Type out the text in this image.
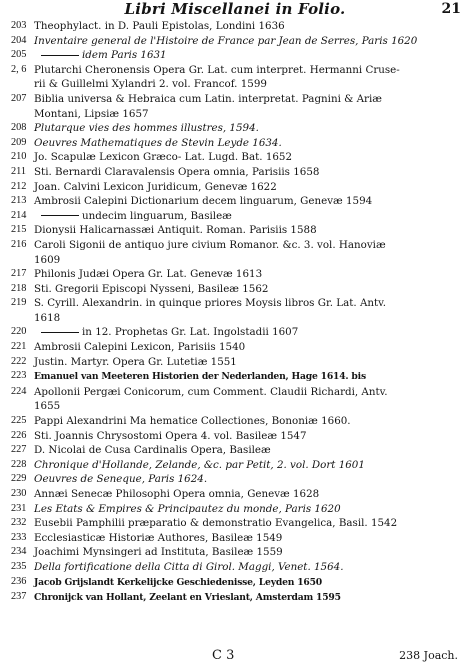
Libri Miscellanei in Folio.	21
203 Theophylact. in D. Pauli Epistolas, Londini 1636
204 Inventaire general de l'Histoire de France par Jean de Serres, Paris 1620
205	idem Paris 1631
2, 6 Plutarchi Cheronensis Opera Gr. Lat. cum interpret. Hermanni Cruse-
rii & Guillelmi Xylandri 2. vol. Francof. 1599
207 Biblia universa & Hebraica cum Latin. interpretat. Pagnini & Ariæ
Montani, Lipsiæ 1657
208 Plutarque vies des hommes illustres, 1594.
209 Oeuvres Mathematiques de Stevin Leyde 1634.
210 Jo. Scapulæ Lexicon Græco- Lat. Lugd. Bat. 1652
211 Sti. Bernardi Claravalensis Opera omnia, Parisiis 1658
212 Joan. Calvini Lexicon Juridicum, Genevæ 1622
213 Ambrosii Calepini Dictionarium decem linguarum, Genevæ 1594
214	undecim linguarum, Basileæ
215 Dionysii Halicarnassæi Antiquit. Roman. Parisiis 1588
216 Caroli Sigonii de antiquo jure civium Romanor. &c. 3. vol. Hanoviæ
1609
217 Philonis Judæi Opera Gr. Lat. Genevæ 1613
218 Sti. Gregorii Episcopi Nysseni, Basileæ 1562
219 S. Cyrill. Alexandrin. in quinque priores Moysis libros Gr. Lat. Antv.
1618
220	in 12. Prophetas Gr. Lat. Ingolstadii 1607
221 Ambrosii Calepini Lexicon, Parisiis 1540
222 Justin. Martyr. Opera Gr. Lutetiæ 1551
223 Emanuel van Meeteren Historien der Nederlanden, Hage 1614. bis
224 Apollonii Pergæi Conicorum, cum Comment. Claudii Richardi, Antv.
1655
225 Pappi Alexandrini Ma hematice Collectiones, Bononiæ 1660.
226 Sti. Joannis Chrysostomi Opera 4. vol. Basileæ 1547
227 D. Nicolai de Cusa Cardinalis Opera, Basileæ
228 Chronique d'Hollande, Zelande, &c. par Petit, 2. vol. Dort 1601
229 Oeuvres de Seneque, Paris 1624.
230 Annæi Senecæ Philosophi Opera omnia, Genevæ 1628
231 Les Etats & Empires & Principautez du monde, Paris 1620
232 Eusebii Pamphilii præparatio & demonstratio Evangelica, Basil. 1542
233 Ecclesiasticæ Historiæ Authores, Basileæ 1549
234 Joachimi Mynsingeri ad Instituta, Basileæ 1559
235 Della fortificatione della Citta di Girol. Maggi, Venet. 1564.
236 Jacob Grijslandt Kerkelijcke Geschiedenisse, Leyden 1650
237 Chronijck van Hollant, Zeelant en Vrieslant, Amsterdam 1595
C 3	238 Joach.
